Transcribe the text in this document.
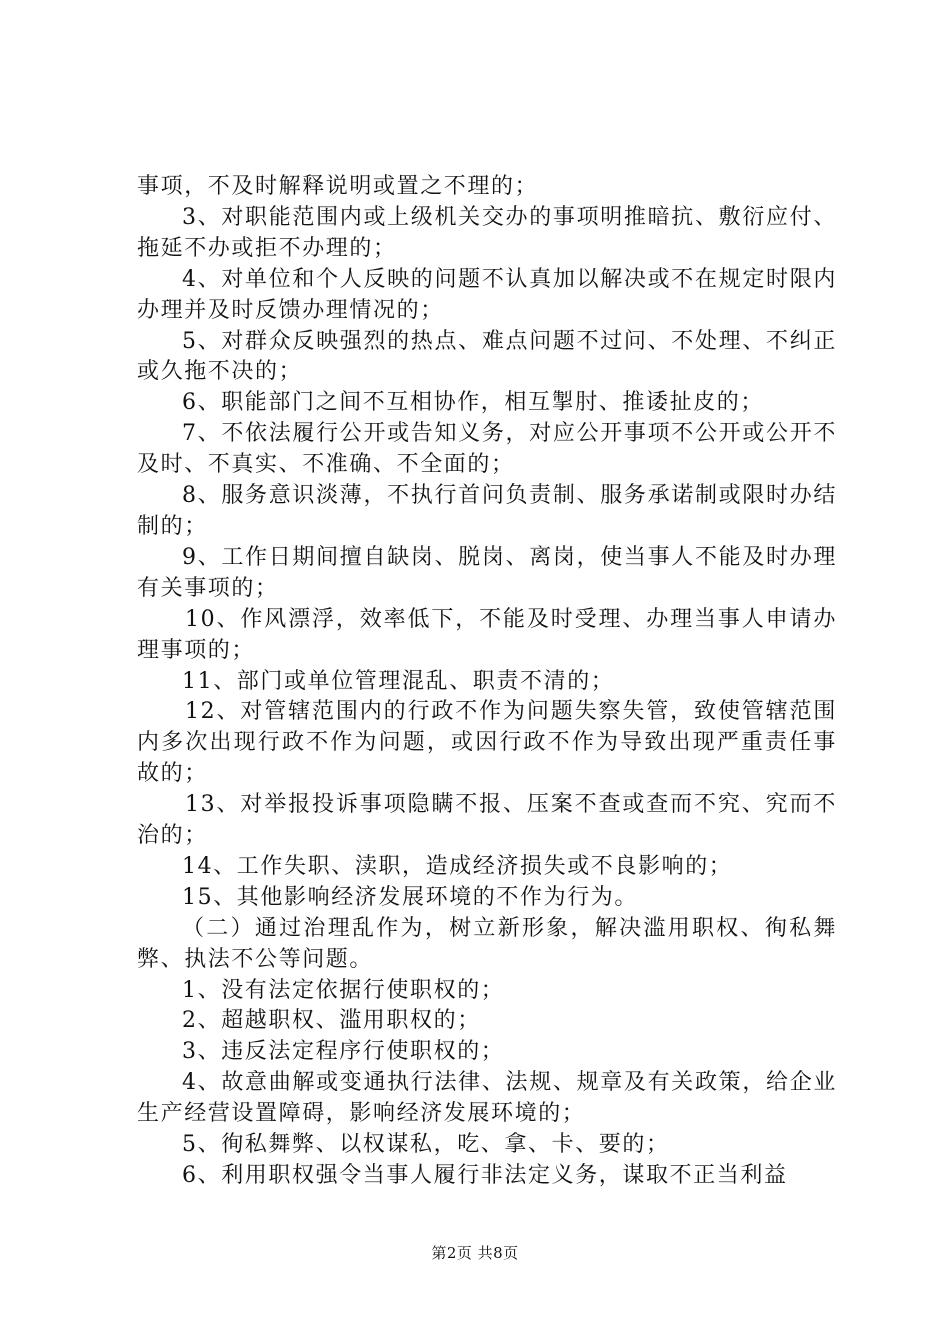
事项，不及时解释说明或置之不理的；

3、对职能范围内或上级机关交办的事项明推暗抗、敷衍应付、拖延不办或拒不办理的；

4、对单位和个人反映的问题不认真加以解决或不在规定时限内办理并及时反馈办理情况的；

5、对群众反映强烈的热点、难点问题不过问、不处理、不纠正或久拖不决的；

6、职能部门之间不互相协作，相互掣肘、推诿扯皮的；

7、不依法履行公开或告知义务，对应公开事项不公开或公开不及时、不真实、不准确、不全面的；

8、服务意识淡薄，不执行首问负责制、服务承诺制或限时办结制的；

9、工作日期间擅自缺岗、脱岗、离岗，使当事人不能及时办理有关事项的；

10、作风漂浮，效率低下，不能及时受理、办理当事人申请办理事项的；

11、部门或单位管理混乱、职责不清的；

12、对管辖范围内的行政不作为问题失察失管，致使管辖范围内多次出现行政不作为问题，或因行政不作为导致出现严重责任事故的；

13、对举报投诉事项隐瞒不报、压案不查或查而不究、究而不治的；

14、工作失职、渎职，造成经济损失或不良影响的；

15、其他影响经济发展环境的不作为行为。

（二）通过治理乱作为，树立新形象，解决滥用职权、徇私舞弊、执法不公等问题。

1、没有法定依据行使职权的；

2、超越职权、滥用职权的；

3、违反法定程序行使职权的；

4、故意曲解或变通执行法律、法规、规章及有关政策，给企业生产经营设置障碍，影响经济发展环境的；

5、徇私舞弊、以权谋私，吃、拿、卡、要的；

6、利用职权强令当事人履行非法定义务，谋取不正当利益

第2页 共8页
